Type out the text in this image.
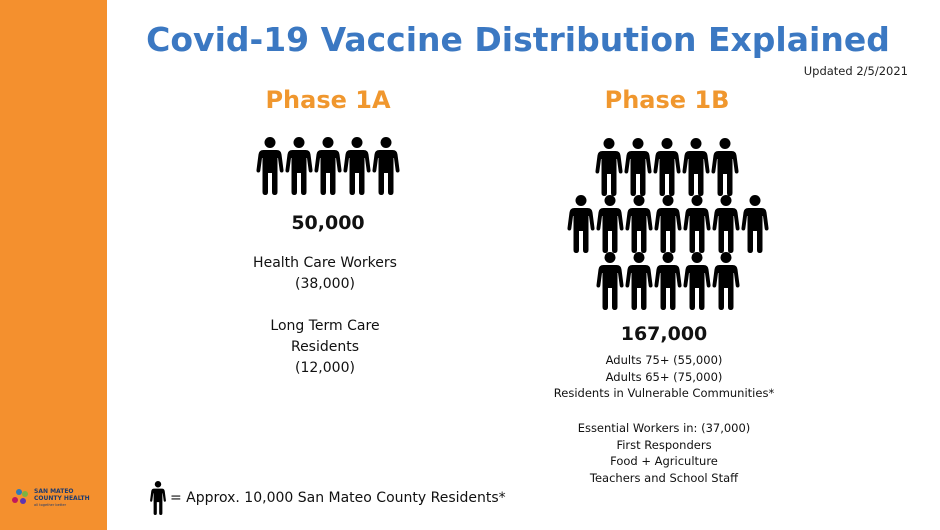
SAN MATEO
COUNTY HEALTH
all together better
Covid-19 Vaccine Distribution Explained
Updated 2/5/2021
Phase 1A
50,000
Health Care Workers
(38,000)
Long Term Care
Residents
(12,000)
Phase 1B
167,000
Adults 75+ (55,000)
Adults 65+ (75,000)
Residents in Vulnerable Communities*
Essential Workers in: (37,000)
First Responders
Food + Agriculture
Teachers and School Staff
= Approx. 10,000 San Mateo County Residents*
